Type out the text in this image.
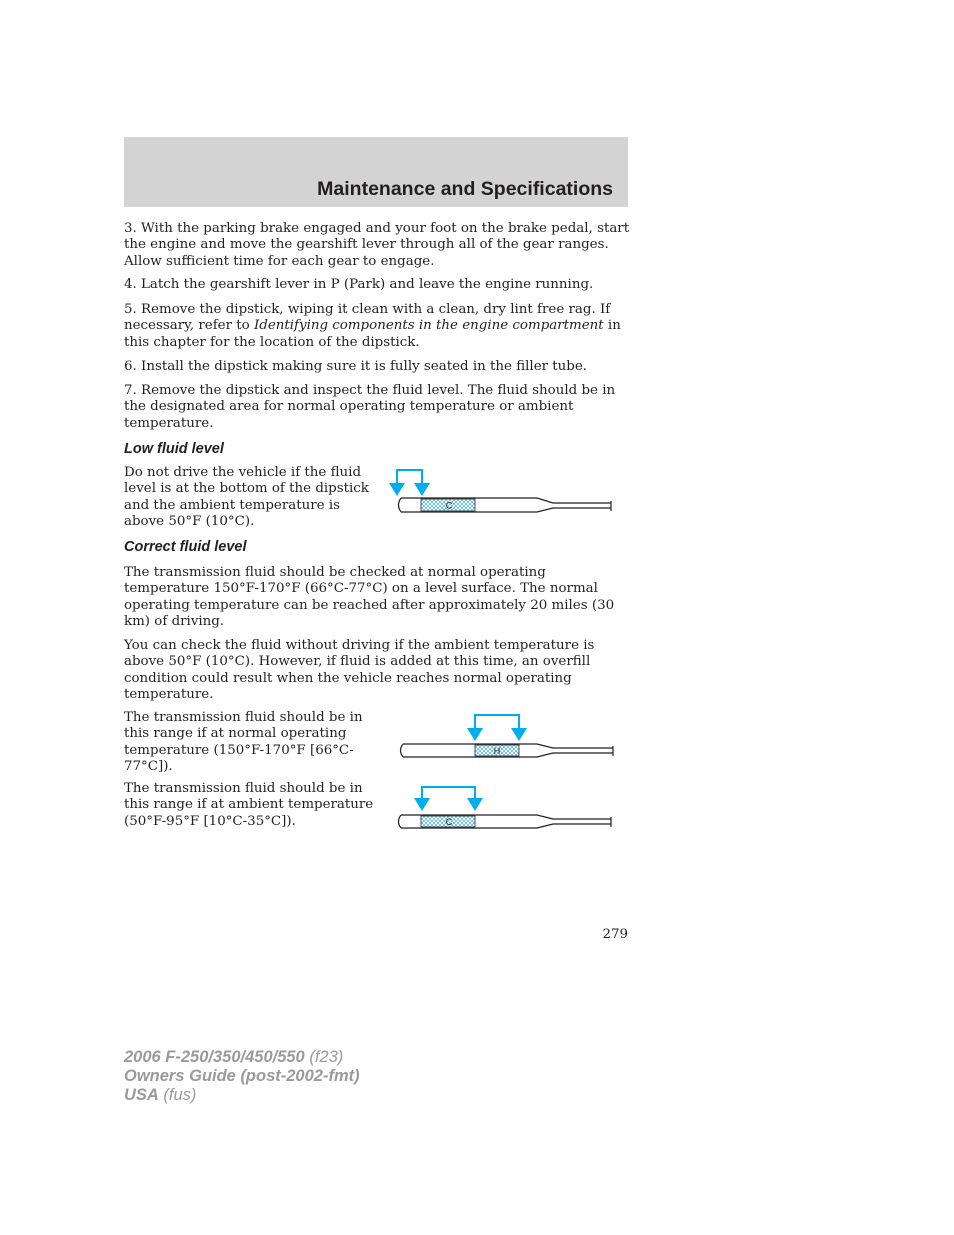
Maintenance and Specifications

3. With the parking brake engaged and your foot on the brake pedal, start the engine and move the gearshift lever through all of the gear ranges. Allow sufficient time for each gear to engage.

4. Latch the gearshift lever in P (Park) and leave the engine running.

5. Remove the dipstick, wiping it clean with a clean, dry lint free rag. If necessary, refer to Identifying components in the engine compartment in this chapter for the location of the dipstick.

6. Install the dipstick making sure it is fully seated in the filler tube.

7. Remove the dipstick and inspect the fluid level. The fluid should be in the designated area for normal operating temperature or ambient temperature.

Low fluid level

Do not drive the vehicle if the fluid level is at the bottom of the dipstick and the ambient temperature is above 50°F (10°C).

Correct fluid level

The transmission fluid should be checked at normal operating temperature 150°F-170°F (66°C-77°C) on a level surface. The normal operating temperature can be reached after approximately 20 miles (30 km) of driving.

You can check the fluid without driving if the ambient temperature is above 50°F (10°C). However, if fluid is added at this time, an overfill condition could result when the vehicle reaches normal operating temperature.

The transmission fluid should be in this range if at normal operating temperature (150°F-170°F [66°C-77°C]).

The transmission fluid should be in this range if at ambient temperature (50°F-95°F [10°C-35°C]).

C
H
C

279

2006 F-250/350/450/550 (f23)
Owners Guide (post-2002-fmt)
USA (fus)
